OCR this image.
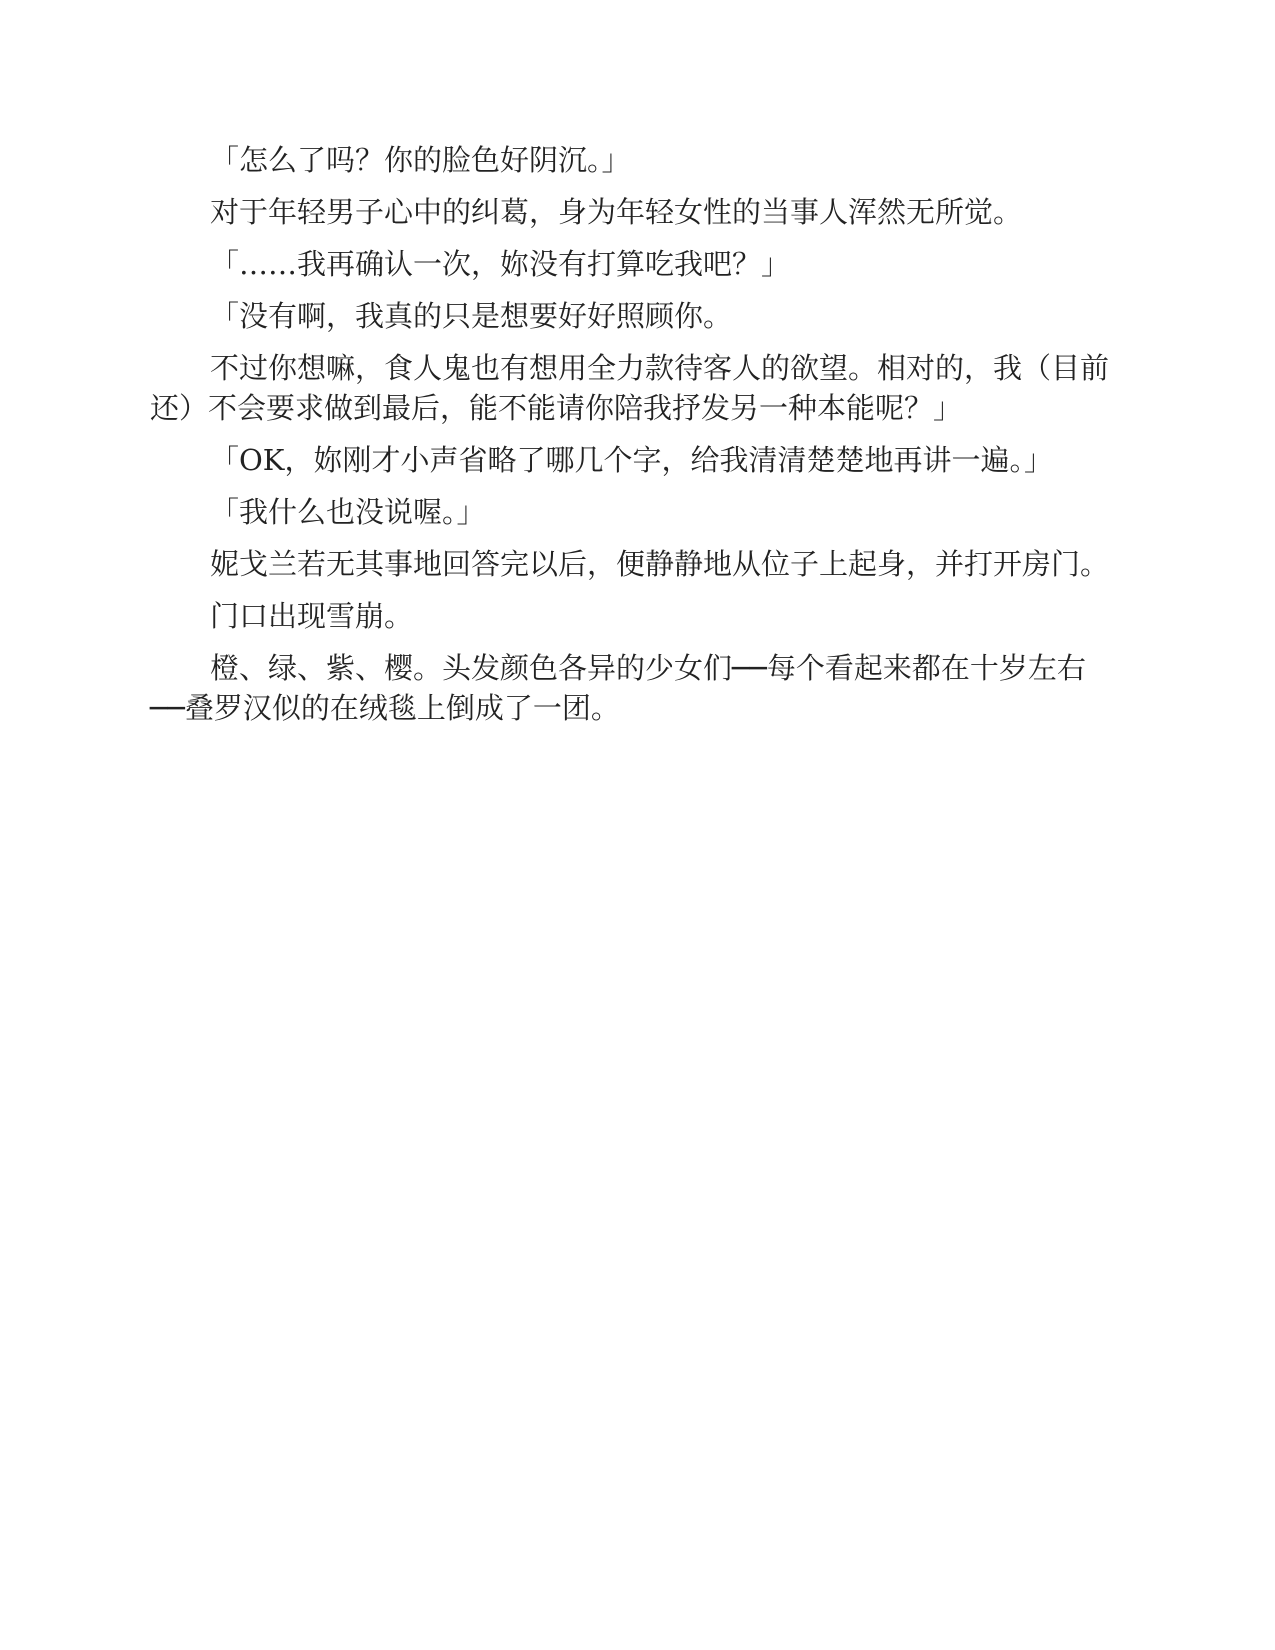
「怎么了吗？你的脸色好阴沉。」

对于年轻男子心中的纠葛，身为年轻女性的当事人浑然无所觉。

「……我再确认一次，妳没有打算吃我吧？」

「没有啊，我真的只是想要好好照顾你。

不过你想嘛，食人鬼也有想用全力款待客人的欲望。相对的，我（目前还）不会要求做到最后，能不能请你陪我抒发另一种本能呢？」

「OK，妳刚才小声省略了哪几个字，给我清清楚楚地再讲一遍。」

「我什么也没说喔。」

妮戈兰若无其事地回答完以后，便静静地从位子上起身，并打开房门。

门口出现雪崩。

橙、绿、紫、樱。头发颜色各异的少女们──每个看起来都在十岁左右──叠罗汉似的在绒毯上倒成了一团。
